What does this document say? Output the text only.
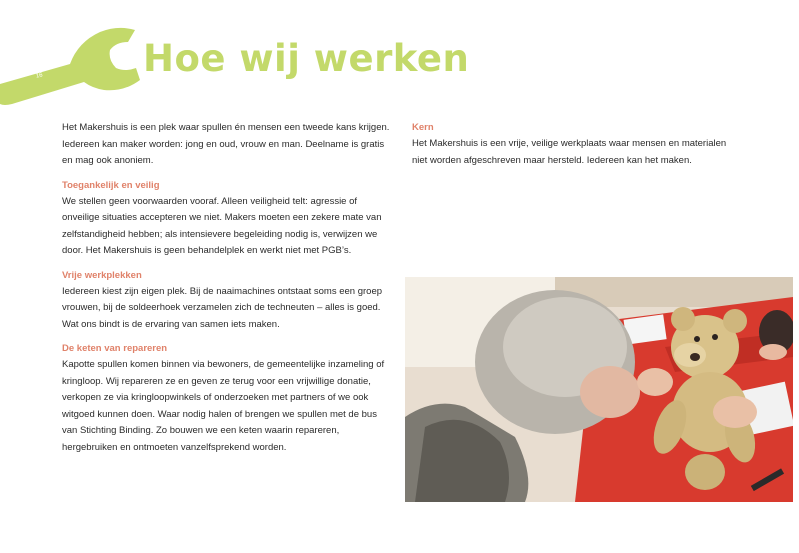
16	Hoe wij werken

Het Makershuis is een plek waar spullen én mensen een tweede kans krijgen. Iedereen kan maker worden: jong en oud, vrouw en man. Deelname is gratis en mag ook anoniem.

Toegankelijk en veilig

We stellen geen voorwaarden vooraf. Alleen veiligheid telt: agressie of onveilige situaties accepteren we niet. Makers moeten een zekere mate van zelfstandigheid hebben; als intensievere begeleiding nodig is, verwijzen we door. Het Makershuis is geen behandelplek en werkt niet met PGB’s.

Vrije werkplekken

Iedereen kiest zijn eigen plek. Bij de naaimachines ontstaat soms een groep vrouwen, bij de soldeerhoek verzamelen zich de techneuten – alles is goed. Wat ons bindt is de ervaring van samen iets maken.

De keten van repareren

Kapotte spullen komen binnen via bewoners, de gemeentelijke inzameling of kringloop. Wij repareren ze en geven ze terug voor een vrijwillige donatie, verkopen ze via kringloopwinkels of onderzoeken met partners of we ook witgoed kunnen doen. Waar nodig halen of brengen we spullen met de bus van Stichting Binding. Zo bouwen we een keten waarin repareren, hergebruiken en ontmoeten vanzelfsprekend worden.

Kern

Het Makershuis is een vrije, veilige werkplaats waar mensen en materialen niet worden afgeschreven maar hersteld. Iedereen kan het maken.
